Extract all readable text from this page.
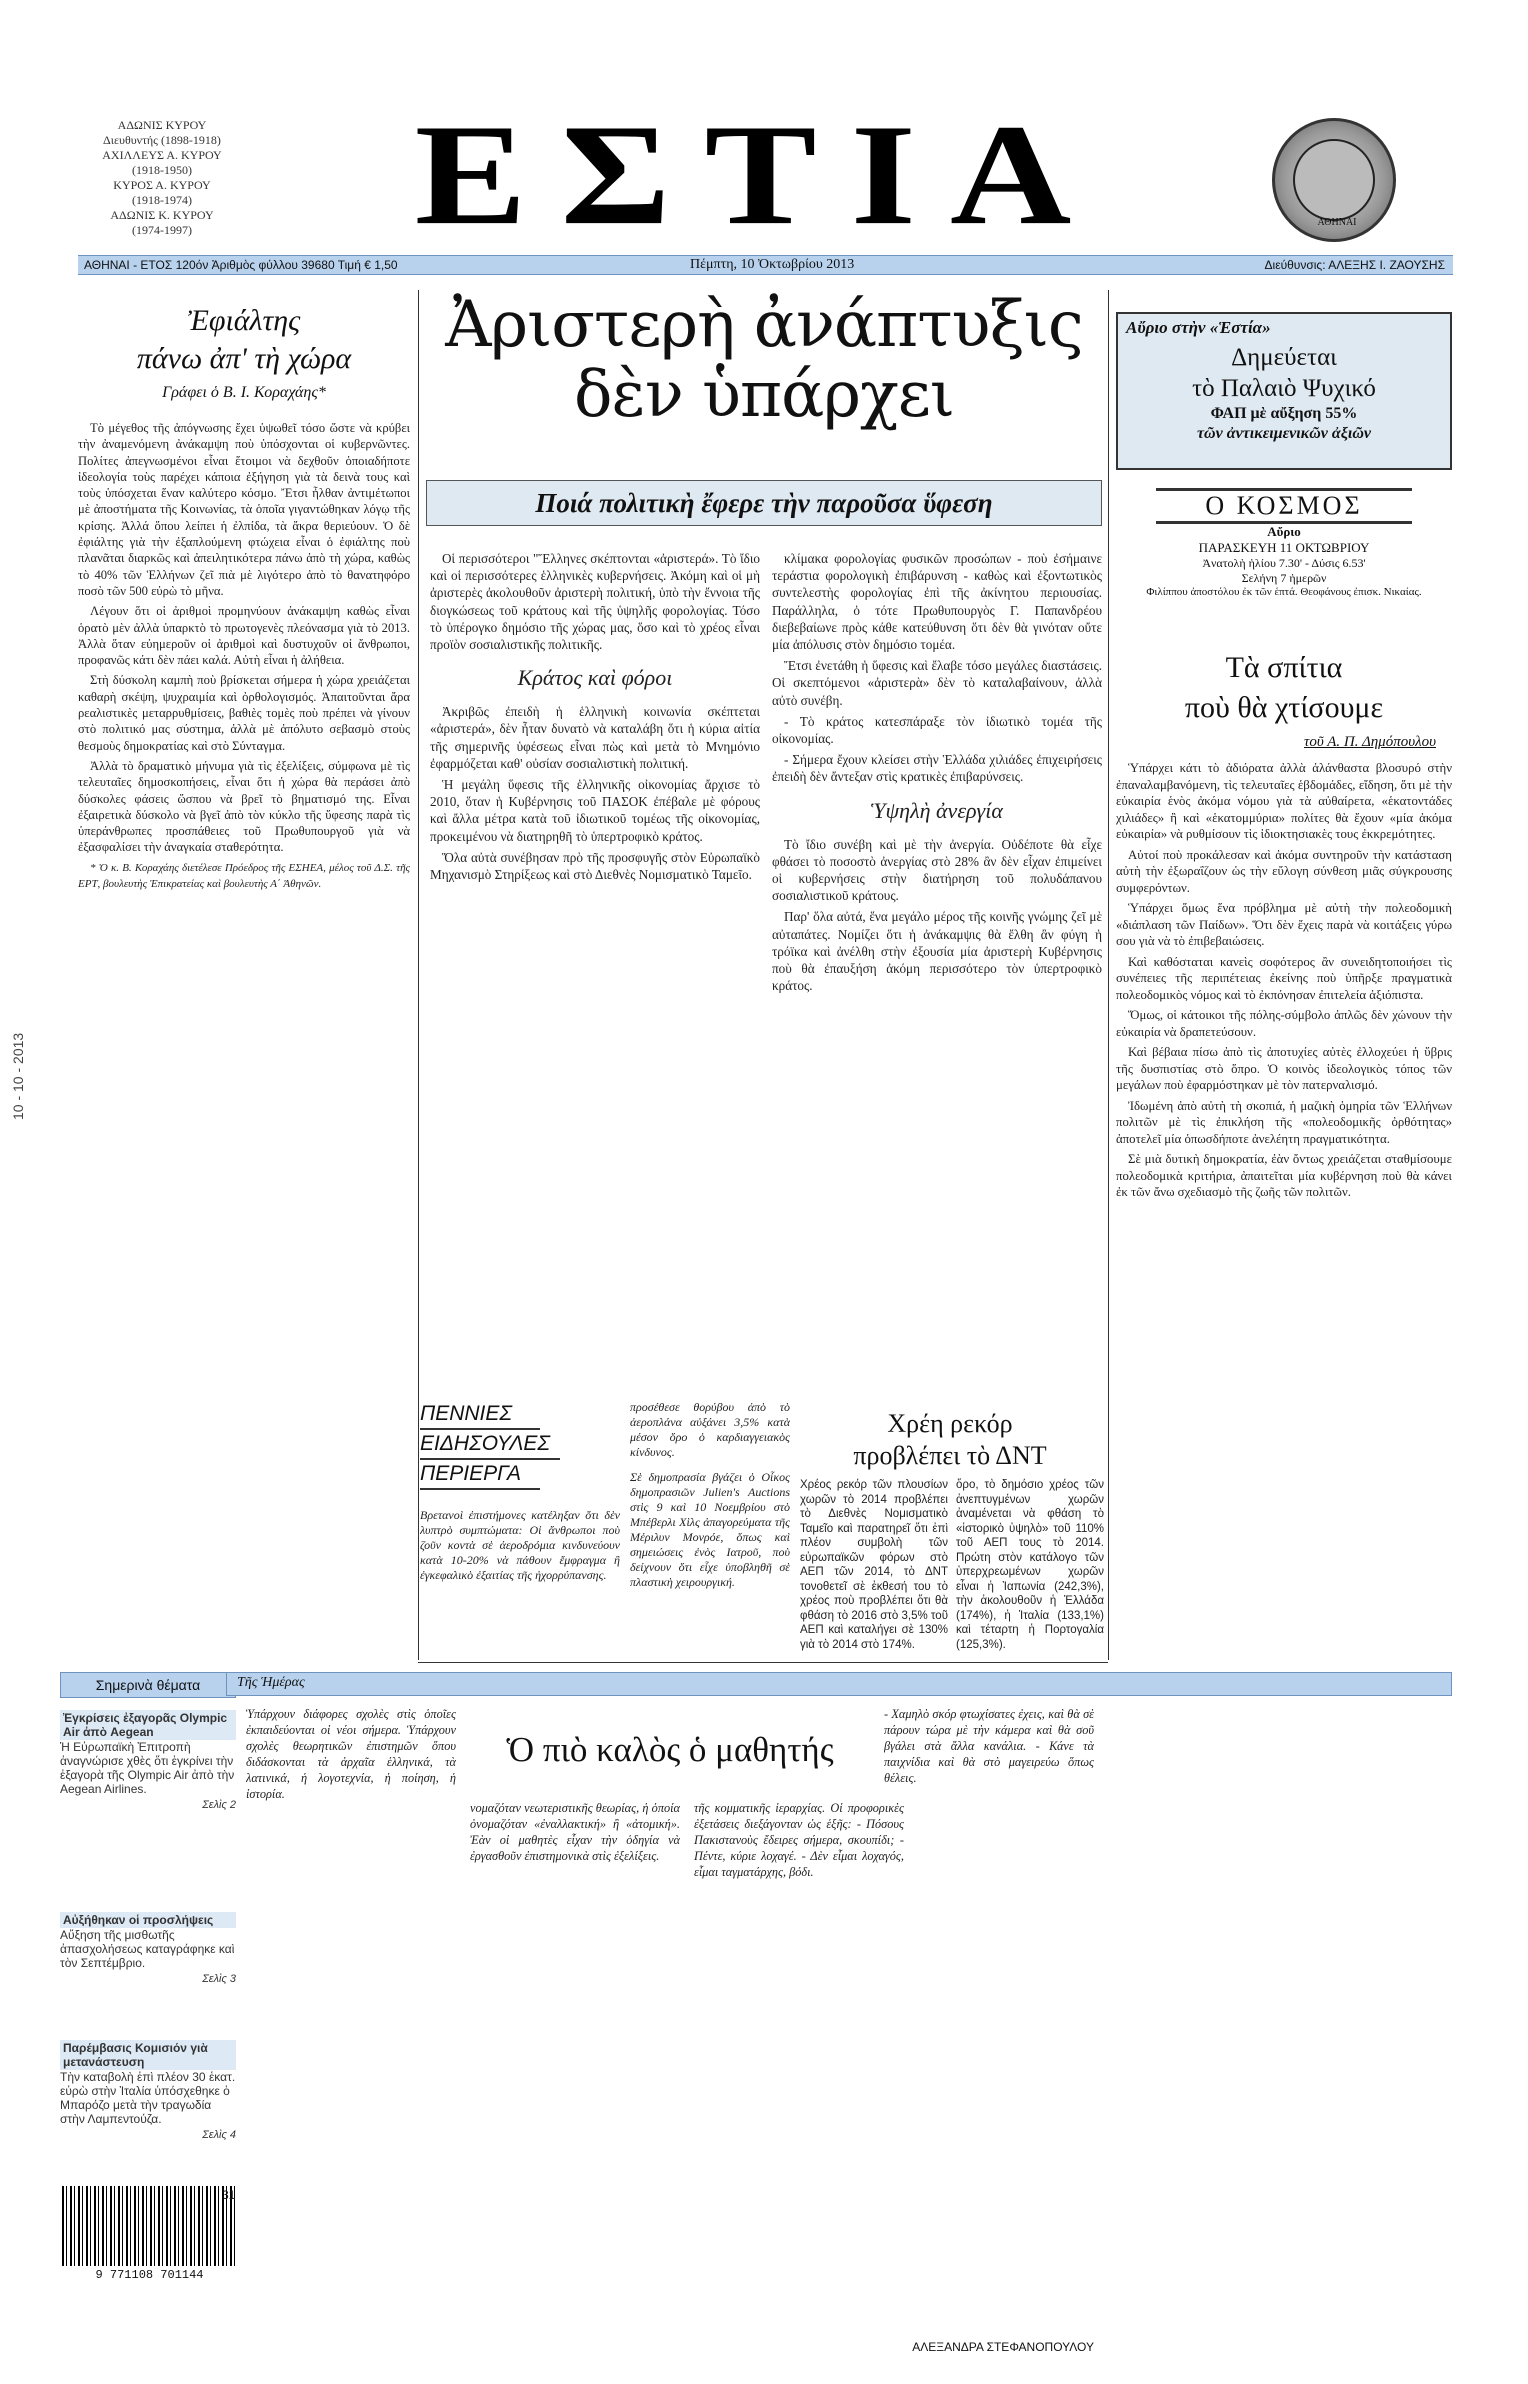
ΑΔΩΝΙΣ ΚΥΡΟΥ
Διευθυντής (1898-1918)
ΑΧΙΛΛΕΥΣ Α. ΚΥΡΟΥ
(1918-1950)
ΚΥΡΟΣ Α. ΚΥΡΟΥ
(1918-1974)
ΑΔΩΝΙΣ Κ. ΚΥΡΟΥ
(1974-1997)	ΕΣΤΙΑ	ΑΘΗΝΑΙ
ΑΘΗΝΑΙ - ΕΤΟΣ 120όν Ἀριθμὸς φύλλου 39680 Τιμή € 1,50	Πέμπτη, 10 Ὀκτωβρίου 2013	Διεύθυνσις: ΑΛΕΞΗΣ Ι. ΖΑΟΥΣΗΣ
Ἐφιάλτης
πάνω ἀπ' τὴ χώρα
Γράφει ὁ Β. Ι. Κοραχάης*

Τὸ μέγεθος τῆς ἀπόγνωσης ἔχει ὑψωθεῖ τόσο ὥστε νὰ κρύβει τὴν ἀναμενόμενη ἀνάκαμψη ποὺ ὑπόσχονται οἱ κυβερνῶντες. Πολίτες ἀπεγνωσμένοι εἶναι ἕτοιμοι νὰ δεχθοῦν ὁποιαδήποτε ἰδεολογία τοὺς παρέχει κάποια ἐξήγηση γιὰ τὰ δεινὰ τους καὶ τοὺς ὑπόσχεται ἕναν καλύτερο κόσμο. Ἔτσι ἦλθαν ἀντιμέτωποι μὲ ἀποστήματα τῆς Κοινωνίας, τὰ ὁποῖα γιγαντώθηκαν λόγῳ τῆς κρίσης. Ἀλλά ὅπου λείπει ἡ ἐλπίδα, τὰ ἄκρα θεριεύουν. Ὁ δὲ ἐφιάλτης γιὰ τὴν ἐξαπλούμενη φτώχεια εἶναι ὁ ἐφιάλτης ποὺ πλανᾶται διαρκῶς καὶ ἀπειλητικότερα πάνω ἀπὸ τὴ χώρα, καθὼς τὸ 40% τῶν Ἑλλήνων ζεῖ πιὰ μὲ λιγότερο ἀπὸ τὸ θανατηφόρο ποσὸ τῶν 500 εὐρὼ τὸ μῆνα.

Λέγουν ὅτι οἱ ἀριθμοὶ προμηνύουν ἀνάκαμψη καθὼς εἶναι ὁρατὸ μὲν ἀλλὰ ὑπαρκτὸ τὸ πρωτογενὲς πλεόνασμα γιὰ τὸ 2013. Ἀλλὰ ὅταν εὐημεροῦν οἱ ἀριθμοὶ καὶ δυστυχοῦν οἱ ἄνθρωποι, προφανῶς κάτι δὲν πάει καλά. Αὐτὴ εἶναι ἡ ἀλήθεια.

Στὴ δύσκολη καμπὴ ποὺ βρίσκεται σήμερα ἡ χώρα χρειάζεται καθαρὴ σκέψη, ψυχραιμία καὶ ὀρθολογισμός. Ἀπαιτοῦνται ἄρα ρεαλιστικὲς μεταρρυθμίσεις, βαθιὲς τομὲς ποὺ πρέπει νὰ γίνουν στὸ πολιτικό μας σύστημα, ἀλλὰ μὲ ἀπόλυτο σεβασμὸ στοὺς θεσμοὺς δημοκρατίας καὶ στὸ Σύνταγμα.

Ἀλλὰ τὸ δραματικὸ μήνυμα γιὰ τὶς ἐξελίξεις, σύμφωνα μὲ τὶς τελευταῖες δημοσκοπήσεις, εἶναι ὅτι ἡ χώρα θὰ περάσει ἀπὸ δύσκολες φάσεις ὥσπου νὰ βρεῖ τὸ βηματισμό της. Εἶναι ἐξαιρετικὰ δύσκολο νὰ βγεῖ ἀπὸ τὸν κύκλο τῆς ὕφεσης παρὰ τὶς ὑπεράνθρωπες προσπάθειες τοῦ Πρωθυπουργοῦ γιὰ νὰ ἐξασφαλίσει τὴν ἀναγκαία σταθερότητα.

* Ὁ κ. Β. Κοραχάης διετέλεσε Πρόεδρος τῆς ΕΣΗΕΑ, μέλος τοῦ Δ.Σ. τῆς ΕΡΤ, βουλευτὴς Ἐπικρατείας καὶ βουλευτὴς Α΄ Ἀθηνῶν.

10 - 10 - 2013
Ἀριστερὴ ἀνάπτυξις
δὲν ὑπάρχει
Ποιά πολιτικὴ ἔφερε τὴν παροῦσα ὕφεση

Οἱ περισσότεροι "Ἕλληνες σκέπτονται «ἀριστερά». Τὸ ἴδιο καὶ οἱ περισσότερες ἑλληνικὲς κυβερνήσεις. Ἀκόμη καὶ οἱ μὴ ἀριστερὲς ἀκολουθοῦν ἀριστερὴ πολιτική, ὑπὸ τὴν ἔννοια τῆς διογκώσεως τοῦ κράτους καὶ τῆς ὑψηλῆς φορολογίας. Τόσο τὸ ὑπέρογκο δημόσιο τῆς χώρας μας, ὅσο καὶ τὸ χρέος εἶναι προϊὸν σοσιαλιστικῆς πολιτικῆς.

Κράτος καὶ φόροι

Ἀκριβῶς ἐπειδὴ ἡ ἑλληνικὴ κοινωνία σκέπτεται «ἀριστερά», δὲν ἦταν δυνατὸ νὰ καταλάβη ὅτι ἡ κύρια αἰτία τῆς σημερινῆς ὑφέσεως εἶναι πὼς καὶ μετὰ τὸ Μνημόνιο ἐφαρμόζεται καθ' οὐσίαν σοσιαλιστικὴ πολιτική.

Ἡ μεγάλη ὕφεσις τῆς ἑλληνικῆς οἰκονομίας ἄρχισε τὸ 2010, ὅταν ἡ Κυβέρνησις τοῦ ΠΑΣΟΚ ἐπέβαλε μὲ φόρους καὶ ἄλλα μέτρα κατὰ τοῦ ἰδιωτικοῦ τομέως τῆς οἰκονομίας, προκειμένου νὰ διατηρηθῆ τὸ ὑπερτροφικὸ κράτος.

Ὅλα αὐτὰ συνέβησαν πρὸ τῆς προσφυγῆς στὸν Εὐρωπαϊκὸ Μηχανισμὸ Στηρίξεως καὶ στὸ Διεθνὲς Νομισματικὸ Ταμεῖο.

κλίμακα φορολογίας φυσικῶν προσώπων - ποὺ ἐσήμαινε τεράστια φορολογικὴ ἐπιβάρυνση - καθὼς καὶ ἐξοντωτικὸς συντελεστὴς φορολογίας ἐπὶ τῆς ἀκίνητου περιουσίας. Παράλληλα, ὁ τότε Πρωθυπουργὸς Γ. Παπανδρέου διεβεβαίωνε πρὸς κάθε κατεύθυνση ὅτι δὲν θὰ γινόταν οὔτε μία ἀπόλυσις στὸν δημόσιο τομέα.

Ἔτσι ἐνετάθη ἡ ὕφεσις καὶ ἔλαβε τόσο μεγάλες διαστάσεις. Οἱ σκεπτόμενοι «ἀριστερὰ» δὲν τὸ καταλαβαίνουν, ἀλλὰ αὐτὸ συνέβη.

- Τὸ κράτος κατεσπάραξε τὸν ἰδιωτικὸ τομέα τῆς οἰκονομίας.

- Σήμερα ἔχουν κλείσει στὴν Ἑλλάδα χιλιάδες ἐπιχειρήσεις ἐπειδὴ δὲν ἄντεξαν στὶς κρατικὲς ἐπιβαρύνσεις.

Ὑψηλὴ ἀνεργία

Τὸ ἴδιο συνέβη καὶ μὲ τὴν ἀνεργία. Οὐδέποτε θὰ εἶχε φθάσει τὸ ποσοστὸ ἀνεργίας στὸ 28% ἂν δὲν εἶχαν ἐπιμείνει οἱ κυβερνήσεις στὴν διατήρηση τοῦ πολυδάπανου σοσιαλιστικοῦ κράτους.

Παρ' ὅλα αὐτά, ἕνα μεγάλο μέρος τῆς κοινῆς γνώμης ζεῖ μὲ αὐταπάτες. Νομίζει ὅτι ἡ ἀνάκαμψις θὰ ἔλθη ἂν φύγη ἡ τρόϊκα καὶ ἀνέλθη στὴν ἐξουσία μία ἀριστερὴ Κυβέρνησις ποὺ θὰ ἐπαυξήση ἀκόμη περισσότερο τὸν ὑπερτροφικὸ κράτος.

Αὔριο στὴν «Ἑστία»
Δημεύεται
τὸ Παλαιὸ Ψυχικό
ΦΑΠ μὲ αὔξηση 55%
τῶν ἀντικειμενικῶν ἀξιῶν
Ο ΚΟΣΜΟΣ
Αὔριο
ΠΑΡΑΣΚΕΥΗ 11 ΟΚΤΩΒΡΙΟΥ
Ἀνατολὴ ἡλίου 7.30' - Δύσις 6.53'
Σελήνη 7 ἡμερῶν
Φιλίππου ἀποστόλου ἐκ τῶν ἑπτά. Θεοφάνους ἐπισκ. Νικαίας.
Τὰ σπίτια
ποὺ θὰ χτίσουμε
τοῦ Α. Π. Δημόπουλου

Ὑπάρχει κάτι τὸ ἀδιόρατα ἀλλὰ ἀλάνθαστα βλοσυρό στὴν ἐπαναλαμβανόμενη, τὶς τελευταῖες ἑβδομάδες, εἴδηση, ὅτι μὲ τὴν εὐκαιρία ἑνὸς ἀκόμα νόμου γιὰ τὰ αὐθαίρετα, «ἑκατοντάδες χιλιάδες» ἢ καὶ «ἑκατομμύρια» πολίτες θὰ ἔχουν «μία ἀκόμα εὐκαιρία» νὰ ρυθμίσουν τὶς ἰδιοκτησιακὲς τους ἐκκρεμότητες.

Αὐτοί ποὺ προκάλεσαν καὶ ἀκόμα συντηροῦν τὴν κατάσταση αὐτὴ τὴν ἐξωραΐζουν ὡς τὴν εὔλογη σύνθεση μιᾶς σύγκρουσης συμφερόντων.

Ὑπάρχει ὅμως ἕνα πρόβλημα μὲ αὐτὴ τὴν πολεοδομικὴ «διάπλαση τῶν Παίδων». Ὅτι δὲν ἔχεις παρὰ νὰ κοιτάξεις γύρω σου γιὰ νὰ τὸ ἐπιβεβαιώσεις.

Καὶ καθόσταται κανεὶς σοφότερος ἂν συνειδητοποιήσει τὶς συνέπειες τῆς περιπέτειας ἐκείνης ποὺ ὑπῆρξε πραγματικὰ πολεοδομικὸς νόμος καὶ τὸ ἐκπόνησαν ἐπιτελεία ἀξιόπιστα.

Ὅμως, οἱ κάτοικοι τῆς πόλης-σύμβολο ἀπλῶς δὲν χώνουν τὴν εὐκαιρία νὰ δραπετεύσουν.

Καὶ βέβαια πίσω ἀπὸ τὶς ἀποτυχίες αὐτὲς ἐλλοχεύει ἡ ὕβρις τῆς δυσπιστίας στὸ ὅπρο. Ὁ κοινὸς ἰδεολογικὸς τόπος τῶν μεγάλων ποὺ ἐφαρμόστηκαν μὲ τὸν πατερναλισμό.

Ἰδωμένη ἀπὸ αὐτὴ τὴ σκοπιά, ἡ μαζικὴ ὁμηρία τῶν Ἑλλήνων πολιτῶν μὲ τὶς ἐπικλήση τῆς «πολεοδομικῆς ὀρθότητας» ἀποτελεῖ μία ὁπωσδήποτε ἀνελέητη πραγματικότητα.

Σὲ μιὰ δυτικὴ δημοκρατία, ἐὰν ὄντως χρειάζεται σταθμίσουμε πολεοδομικὰ κριτήρια, ἀπαιτεῖται μία κυβέρνηση ποὺ θὰ κάνει ἐκ τῶν ἄνω σχεδιασμὸ τῆς ζωῆς τῶν πολιτῶν.

ΠΕΝΝΙΕΣ
ΕΙΔΗΣΟΥΛΕΣ
ΠΕΡΙΕΡΓΑ
Βρετανοὶ ἐπιστήμονες κατέληξαν ὅτι δὲν λυπτρὸ συμπτώματα: Οἱ ἄνθρωποι ποὺ ζοῦν κοντὰ σὲ ἀεροδρόμια κινδυνεύουν κατὰ 10-20% νὰ πάθουν ἔμφραγμα ἢ ἐγκεφαλικὸ ἐξαιτίας τῆς ἠχορρύπανσης.
προσέθεσε θορύβου ἀπὸ τὸ ἀεροπλάνα αὐξάνει 3,5% κατὰ μέσον ὅρο ὁ καρδιαγγειακὸς κίνδυνος.
Σὲ δημοπρασία βγάζει ὁ Οἶκος δημοπρασιῶν Julien's Auctions στὶς 9 καὶ 10 Νοεμβρίου στὸ Μπέβερλι Χὶλς ἀπαγορεύματα τῆς Μέριλυν Μονρόε, ὅπως καὶ σημειώσεις ἐνὸς Ιατροῦ, ποὺ δείχνουν ὅτι εἶχε ὑποβληθῆ σὲ πλαστικὴ χειρουργική.
Χρέη ρεκόρ
προβλέπει τὸ ΔΝΤ
Χρέος ρεκόρ τῶν πλουσίων χωρῶν τὸ 2014 προβλέπει τὸ Διεθνὲς Νομισματικὸ Ταμεῖο καὶ παρατηρεῖ ὅτι ἐπὶ πλέον συμβολὴ τῶν εὐρωπαϊκῶν φόρων στὸ ΑΕΠ τῶν 2014, τὸ ΔΝΤ τονοθετεῖ σὲ ἐκθεσή του τὸ χρέος ποὺ προβλέπει ὅτι θὰ φθάση τὸ 2016 στὸ 3,5% τοῦ ΑΕΠ καὶ καταλήγει σὲ 130% γιὰ τὸ 2014 στὸ 174%.
ὅρο, τὸ δημόσιο χρέος τῶν ἀνεπτυγμένων χωρῶν ἀναμένεται νὰ φθάση τὸ «ἱστορικὸ ὑψηλὸ» τοῦ 110% τοῦ ΑΕΠ τους τὸ 2014. Πρώτη στὸν κατάλογο τῶν ὑπερχρεωμένων χωρῶν εἶναι ἡ Ἰαπωνία (242,3%), τὴν ἀκολουθοῦν ἡ Ἑλλάδα (174%), ἡ Ἰταλία (133,1%) καὶ τέταρτη ἡ Πορτογαλία (125,3%).
Σημερινὰ θέματα
Ἐγκρίσεις ἐξαγορᾶς Olympic Air ἀπὸ Aegean
Ἡ Εὐρωπαϊκὴ Ἐπιτροπὴ ἀναγνώρισε χθὲς ὅτι ἐγκρίνει τὴν ἐξαγορὰ τῆς Olympic Air ἀπὸ τὴν Aegean Airlines.
Σελὶς 2
Αὐξήθηκαν οἱ προσλήψεις
Αὔξηση τῆς μισθωτῆς ἀπασχολήσεως καταγράφηκε καὶ τὸν Σεπτέμβριο.
Σελὶς 3
Παρέμβασις Κομισιόν γιὰ μετανάστευση
Τὴν καταβολὴ ἐπὶ πλέον 30 ἑκατ. εὐρὼ στὴν Ἰταλία ὑπόσχεθηκε ὁ Μπαρόζο μετὰ τὴν τραγωδία στὴν Λαμπεντούζα.
Σελὶς 4
9 771108 701144
31
Τῆς Ἡμέρας
Ὁ πιὸ καλὸς ὁ μαθητής
Ὑπάρχουν διάφορες σχολὲς στὶς ὁποῖες ἐκπαιδεύονται οἱ νέοι σήμερα. Ὑπάρχουν σχολὲς θεωρητικῶν ἐπιστημῶν ὅπου διδάσκονται τὰ ἀρχαῖα ἑλληνικά, τὰ λατινικά, ἡ λογοτεχνία, ἡ ποίηση, ἡ ἱστορία.
νομαζόταν νεωτεριστικῆς θεωρίας, ἡ ὁποία ὀνομαζόταν «ἐναλλακτική» ἢ «ἀτομική». Ἐὰν οἱ μαθητὲς εἶχαν τὴν ὁδηγία νὰ ἐργασθοῦν ἐπιστημονικὰ στὶς ἐξελίξεις.
τῆς κομματικῆς ἱεραρχίας. Οἱ προφορικὲς ἐξετάσεις διεξάγονταν ὡς ἑξῆς: - Πόσους Πακιστανοὺς ἔδειρες σήμερα, σκουπίδι; - Πέντε, κύριε λοχαγέ. - Δὲν εἶμαι λοχαγός, εἶμαι ταγματάρχης, βόδι.
- Χαμηλὸ σκόρ φτωχίσατες ἐχεις, καὶ θὰ σὲ πάρουν τώρα μὲ τὴν κάμερα καὶ θὰ σοῦ βγάλει στὰ ἄλλα κανάλια. - Κάνε τὰ παιχνίδια καὶ θὰ στὸ μαγειρεύω ὅπως θέλεις.
ΑΛΕΞΑΝΔΡΑ ΣΤΕΦΑΝΟΠΟΥΛΟΥ
